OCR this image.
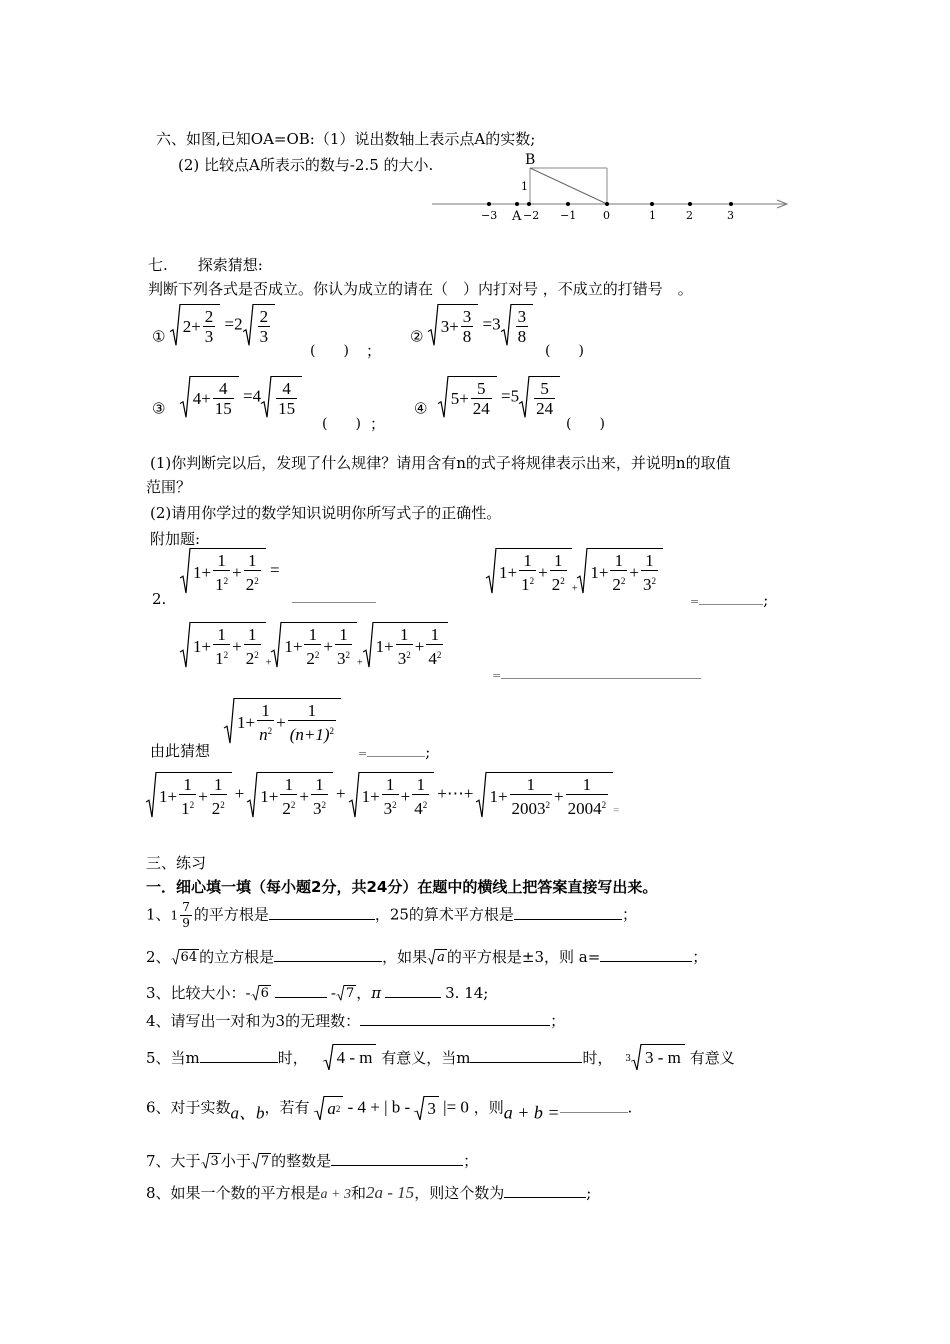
六、如图,已知OA=OB:（1）说出数轴上表示点A的实数;
(2) 比较点A所表示的数与-2.5 的大小.	B
1
A
−3 −2 −1 0	1	2	3
七.　　探索猜想:
判断下列各式是否成立。你认为成立的请在（　）内打对号 ，不成立的打错号　。
①
$2 + \frac{2}{3} =2 \frac{2}{3}$
(　　) ；
②
$3 + \frac{3}{8} =3 \frac{3}{8}$
(　　)
③
$4 + \frac{4}{15} =4 \frac{4}{15}$
(　　) ；
④
$5 + \frac{5}{24} =5 \frac{5}{24}$
(　　)
(1)你判断完以后，发现了什么规律？请用含有n的式子将规律表示出来，并说明n的取值
范围？
(2)请用你学过的数学知识说明你所写式子的正确性。
附加题:
2.
$1 + \frac{1}{1^2} + \frac{1}{2^2}$ =	$1 + \frac{1}{1^2} + \frac{1}{2^2} _+$
$1 + \frac{1}{2^2} + \frac{1}{3^2}$
=	;
$1 + \frac{1}{1^2} + \frac{1}{2^2} _+$
$1 + \frac{1}{2^2} + \frac{1}{3^2} _+$
$1 + \frac{1}{3^2} + \frac{1}{4^2}$
=
由此猜想
$1 + \frac{1}{n^2} + \frac{1}{(n+1)^2}$
=	;
$1 + \frac{1}{1^2} + \frac{1}{2^2} + 1 + \frac{1}{2^2} + \frac{1}{3^2} + 1 + \frac{1}{3^2} + \frac{1}{4^2}$ +⋯+ $1 + \frac{1}{2003^2} + \frac{1}{2004^2} _=$
三、练习
一．细心填一填（每小题2分，共24分）在题中的横线上把答案直接写出来。
1、$1 \frac{7}{9}$ 的平方根是	，25的算术平方根是	；
2、 64 的立方根是	，如果 a 的平方根是±3，则 a=	；
3、比较大小：- 6	- 7 ，π	3. 14;
4、请写出一对和为3的无理数：	；
5、当m	时， 4 - m 有意义，当m	时， 3 3 - m 有意义
6、对于实数a、b，若有 a 2 - 4 + | b - 3 |= 0 ，则a + b =	.
7、大于 3 小于 7 的整数是	；
8、如果一个数的平方根是a + 3和2a - 15，则这个数为	;
